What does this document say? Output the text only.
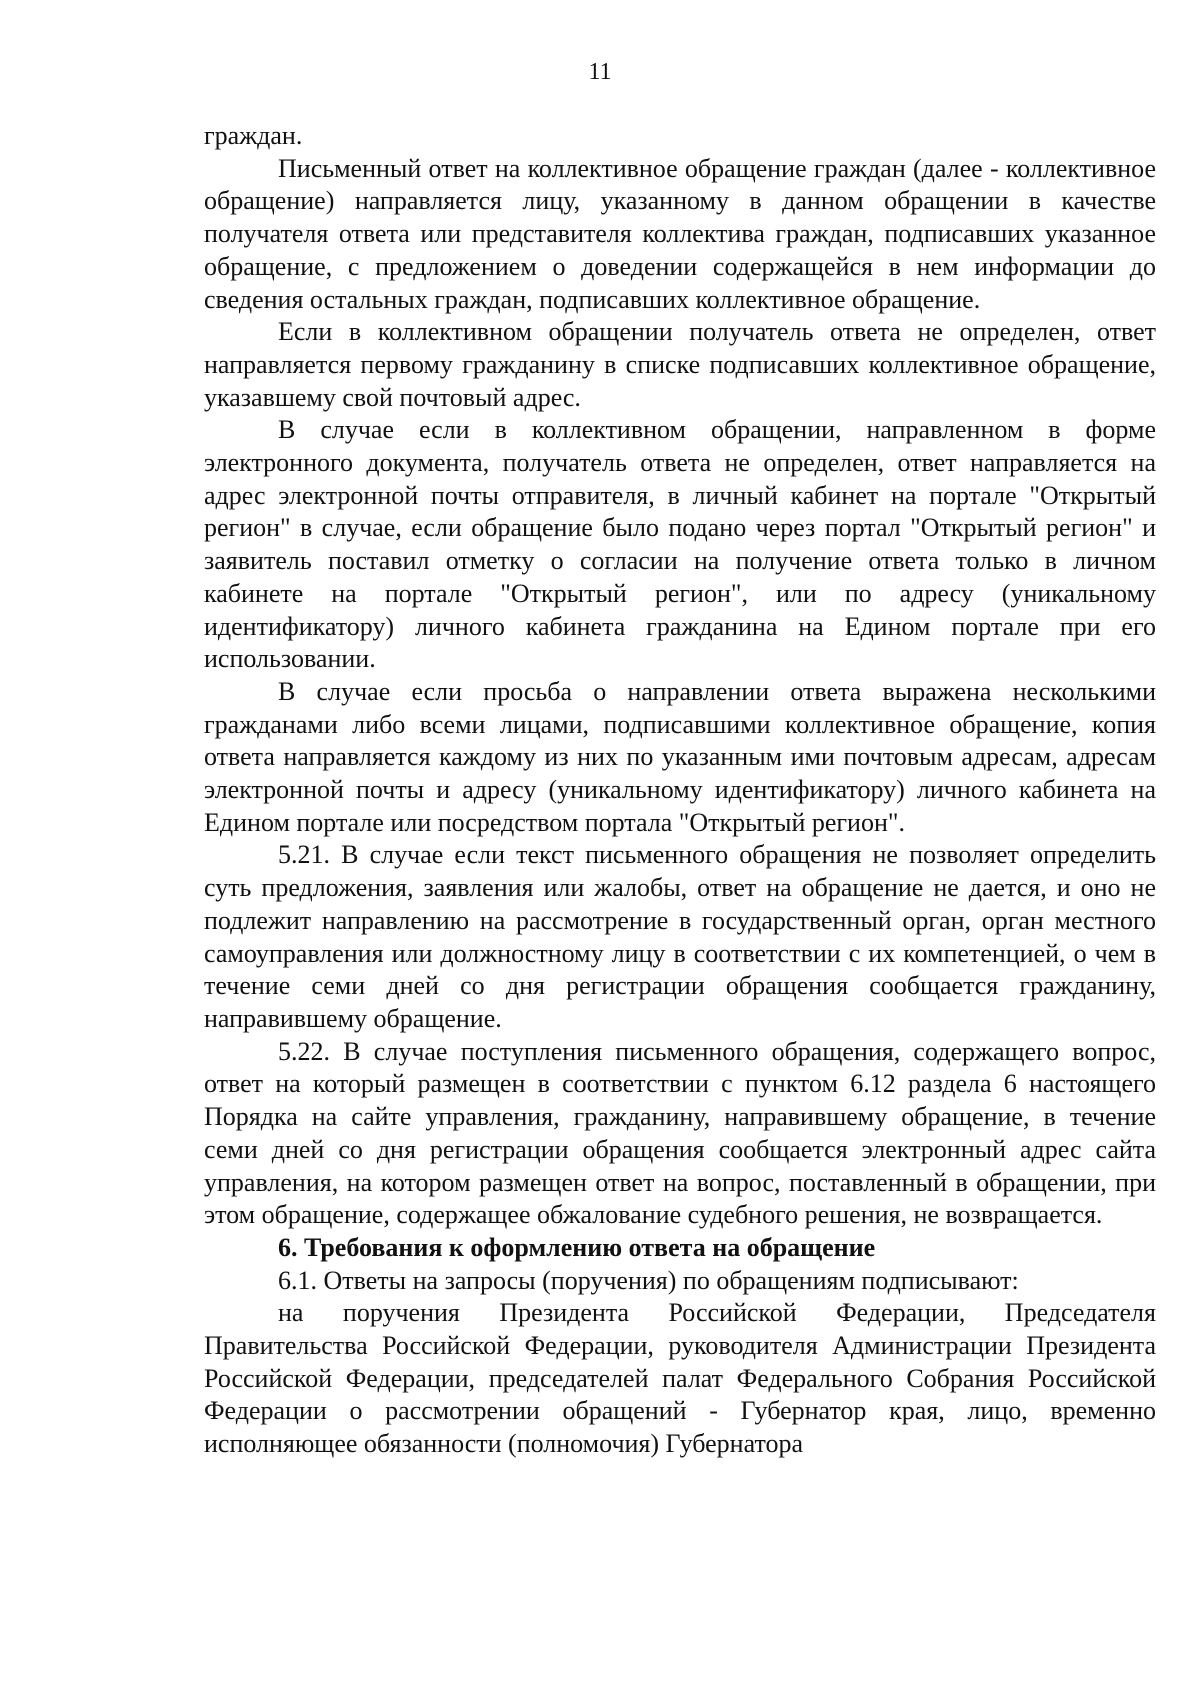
11

граждан.

Письменный ответ на коллективное обращение граждан (далее - коллективное обращение) направляется лицу, указанному в данном обращении в качестве получателя ответа или представителя коллектива граждан, подписавших указанное обращение, с предложением о доведении содержащейся в нем информации до сведения остальных граждан, подписавших коллективное обращение.

Если в коллективном обращении получатель ответа не определен, ответ направляется первому гражданину в списке подписавших коллективное обращение, указавшему свой почтовый адрес.

В случае если в коллективном обращении, направленном в форме электронного документа, получатель ответа не определен, ответ направляется на адрес электронной почты отправителя, в личный кабинет на портале "Открытый регион" в случае, если обращение было подано через портал "Открытый регион" и заявитель поставил отметку о согласии на получение ответа только в личном кабинете на портале "Открытый регион", или по адресу (уникальному идентификатору) личного кабинета гражданина на Едином портале при его использовании.

В случае если просьба о направлении ответа выражена несколькими гражданами либо всеми лицами, подписавшими коллективное обращение, копия ответа направляется каждому из них по указанным ими почтовым адресам, адресам электронной почты и адресу (уникальному идентификатору) личного кабинета на Едином портале или посредством портала "Открытый регион".

5.21. В случае если текст письменного обращения не позволяет определить суть предложения, заявления или жалобы, ответ на обращение не дается, и оно не подлежит направлению на рассмотрение в государственный орган, орган местного самоуправления или должностному лицу в соответствии с их компетенцией, о чем в течение семи дней со дня регистрации обращения сообщается гражданину, направившему обращение.

5.22. В случае поступления письменного обращения, содержащего вопрос, ответ на который размещен в соответствии с пунктом 6.12 раздела 6 настоящего Порядка на сайте управления, гражданину, направившему обращение, в течение семи дней со дня регистрации обращения сообщается электронный адрес сайта управления, на котором размещен ответ на вопрос, поставленный в обращении, при этом обращение, содержащее обжалование судебного решения, не возвращается.

6. Требования к оформлению ответа на обращение

6.1. Ответы на запросы (поручения) по обращениям подписывают:

на поручения Президента Российской Федерации, Председателя Правительства Российской Федерации, руководителя Администрации Президента Российской Федерации, председателей палат Федерального Собрания Российской Федерации о рассмотрении обращений - Губернатор края, лицо, временно исполняющее обязанности (полномочия) Губернатора
